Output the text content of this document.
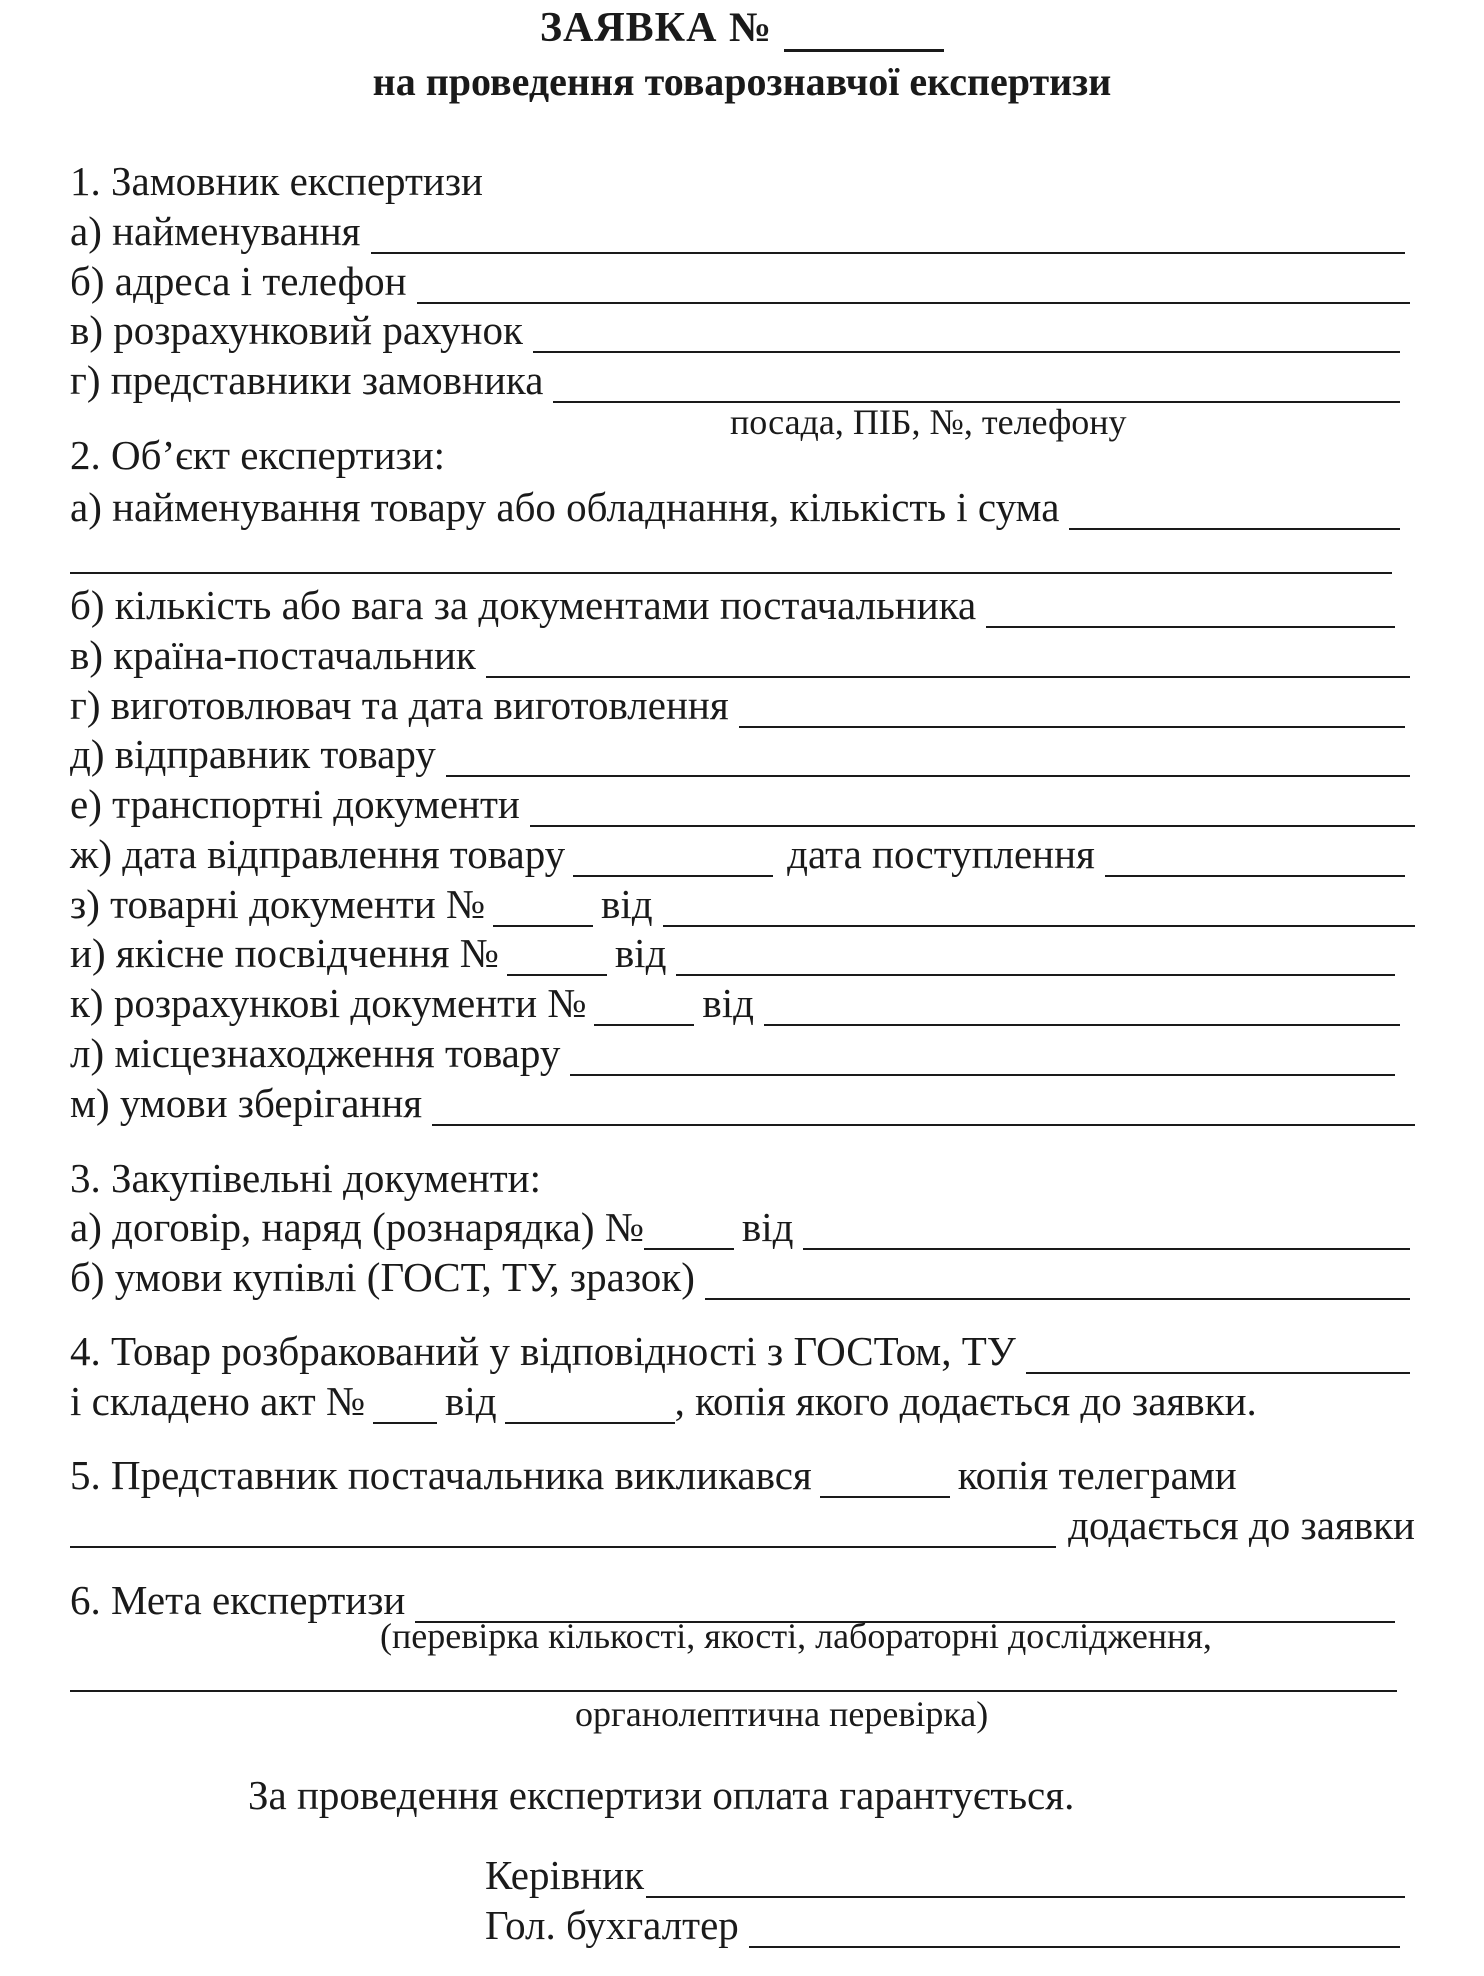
ЗАЯВКА №
на проведення товарознавчої експертизи
1. Замовник експертизи
а) найменування
б) адреса і телефон
в) розрахунковий рахунок
г) представники замовника
посада, ПІБ, №, телефону
2. Об’єкт експертизи:
а) найменування товару або обладнання, кількість і сума
б) кількість або вага за документами постачальника
в) країна-постачальник
г) виготовлювач та дата виготовлення
д) відправник товару
е) транспортні документи
ж) дата відправлення товару	дата поступлення
з) товарні документи №	від
и) якісне посвідчення №	від
к) розрахункові документи №	від
л) місцезнаходження товару
м) умови зберігання
3. Закупівельні документи:
а) договір, наряд (рознарядка) № від
б) умови купівлі (ГОСТ, ТУ, зразок)
4. Товар розбракований у відповідності з ГОСТом, ТУ
і складено акт № від	, копія якого додається до заявки.
5. Представник постачальника викликався	копія телеграми
додається до заявки
6. Мета експертизи
(перевірка кількості, якості, лабораторні дослідження,
органолептична перевірка)
За проведення експертизи оплата гарантується.
Керівник
Гол. бухгалтер
